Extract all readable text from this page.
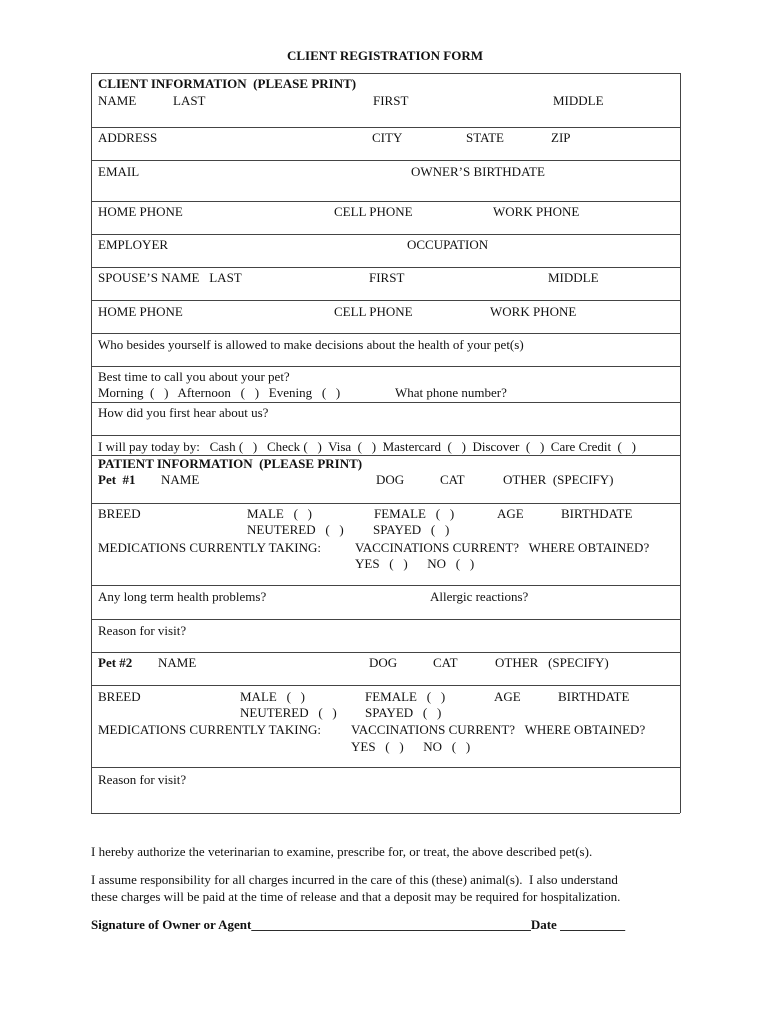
CLIENT REGISTRATION FORM
CLIENT INFORMATION  (PLEASE PRINT)
NAME	LAST	FIRST	MIDDLE
ADDRESS	CITY	STATE	ZIP
EMAIL	OWNER’S BIRTHDATE
HOME PHONE	CELL PHONE	WORK PHONE
EMPLOYER	OCCUPATION
SPOUSE’S NAME   LAST	FIRST	MIDDLE
HOME PHONE	CELL PHONE	WORK PHONE
Who besides yourself is allowed to make decisions about the health of your pet(s)
Best time to call you about your pet?
Morning  (   )   Afternoon   (   )   Evening   (   )	What phone number?
How did you first hear about us?
I will pay today by:   Cash (   )   Check (   )  Visa  (   )  Mastercard  (   )  Discover  (   )  Care Credit  (   )
PATIENT INFORMATION  (PLEASE PRINT)
Pet  #1 NAME	DOG	CAT	OTHER  (SPECIFY)
BREED	MALE   (   )	FEMALE   (   )	AGE	BIRTHDATE
NEUTERED   (   ) SPAYED   (   )
MEDICATIONS CURRENTLY TAKING:	VACCINATIONS CURRENT?   WHERE OBTAINED?
YES   (   )      NO   (   )
Any long term health problems?	Allergic reactions?
Reason for visit?
Pet #2 NAME	DOG	CAT	OTHER   (SPECIFY)
BREED	MALE   (   )	FEMALE   (   )	AGE	BIRTHDATE
NEUTERED   (   ) SPAYED   (   )
MEDICATIONS CURRENTLY TAKING: VACCINATIONS CURRENT?   WHERE OBTAINED?
YES   (   )      NO   (   )
Reason for visit?
I hereby authorize the veterinarian to examine, prescribe for, or treat, the above described pet(s).
I assume responsibility for all charges incurred in the care of this (these) animal(s).  I also understand
these charges will be paid at the time of release and that a deposit may be required for hospitalization.
Signature of Owner or Agent___________________________________________Date __________
